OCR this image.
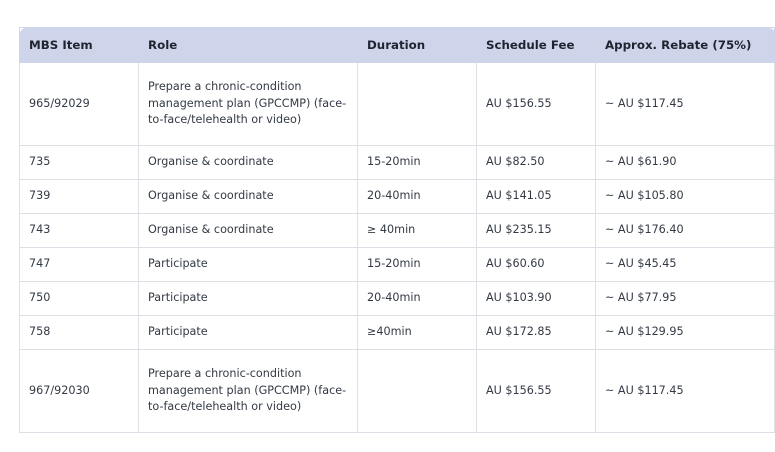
MBS Item	Role	Duration	Schedule Fee	Approx. Rebate (75%)
965/92029	Prepare a chronic-condition management plan (GPCCMP) (face-to-face/telehealth or video)		AU $156.55	~ AU $117.45
735	Organise & coordinate	15-20min	AU $82.50	~ AU $61.90
739	Organise & coordinate	20-40min	AU $141.05	~ AU $105.80
743	Organise & coordinate	≥ 40min	AU $235.15	~ AU $176.40
747	Participate	15-20min	AU $60.60	~ AU $45.45
750	Participate	20-40min	AU $103.90	~ AU $77.95
758	Participate	≥40min	AU $172.85	~ AU $129.95
967/92030	Prepare a chronic-condition management plan (GPCCMP) (face-to-face/telehealth or video)		AU $156.55	~ AU $117.45
